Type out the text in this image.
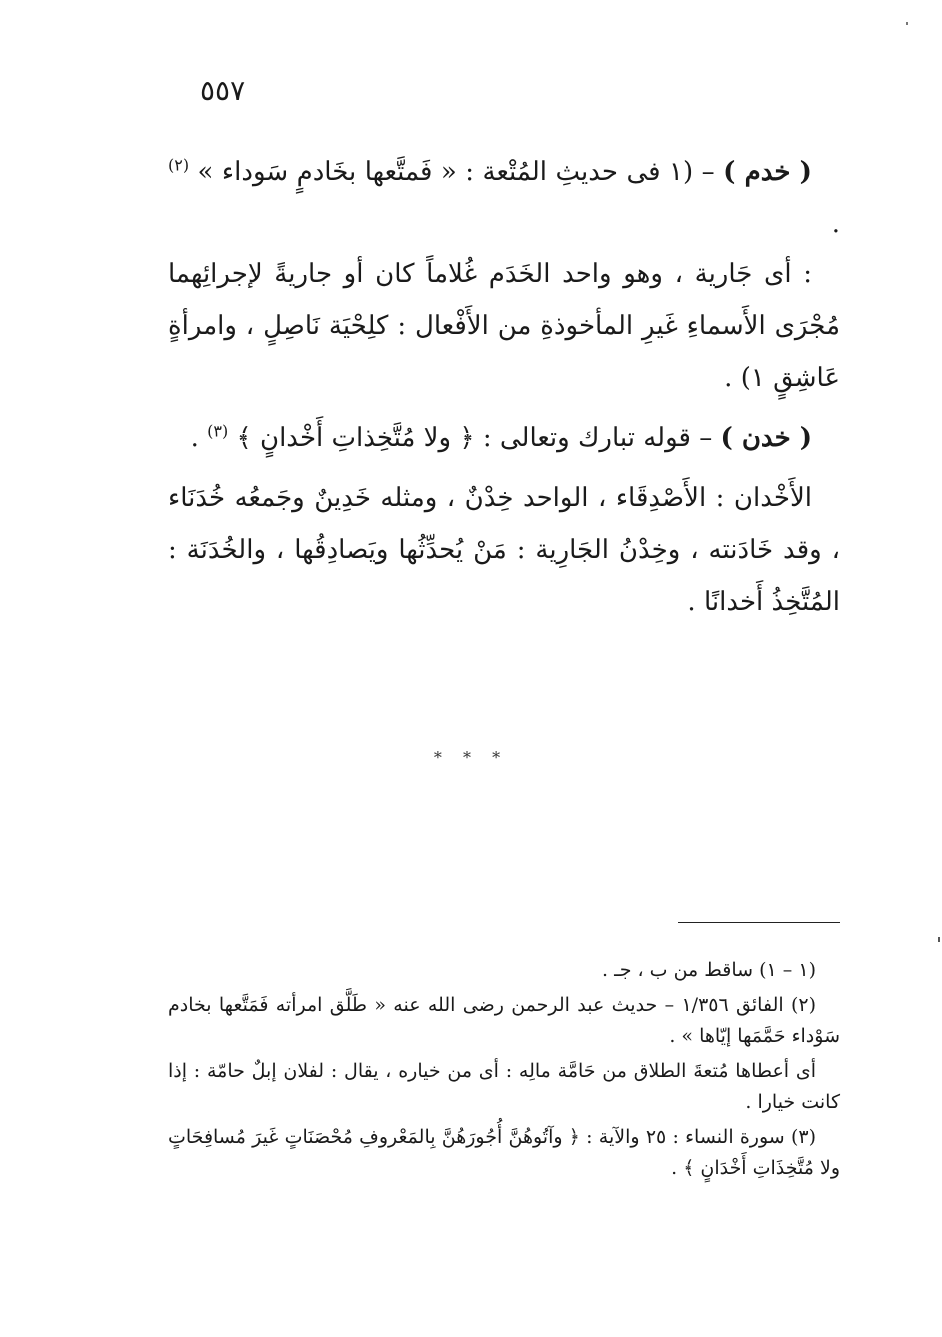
٥٥٧

( خدم ) – (١ فى حديثِ المُتْعة : « فَمتَّعها بخَادمٍ سَوداء » $^{(٢)}$ .

: أى جَارية ، وهو واحد الخَدَم غُلاماً كان أو جاريةً لإجرائِهما مُجْرَى الأَسماءِ غَيرِ المأخوذةِ من الأَفْعال : كلِحْيَة نَاصِلٍ ، وامرأةٍ عَاشِقٍ ١) .

( خدن ) – قوله تبارك وتعالى : ﴿ ولا مُتَّخِذاتِ أَخْدانٍ ﴾ $^{(٣)}$ .

الأَخْدان : الأَصْدِقَاء ، الواحد خِدْنٌ ، ومثله خَدِينٌ وجَمعُه خُدَنَاء ، وقد خَادَنته ، وخِدْنُ الجَارِية : مَنْ يُحدِّثُها ويَصادِقُها ، والخُدَنَة : المُتَّخِذُ أَخدانًا .

* * *

(١ – ١) ساقط من ب ، جـ .

(٢) الفائق ١/٣٥٦ – حديث عبد الرحمن رضى الله عنه « طَلَّق امرأته فَمَتَّعها بخادم سَوْداء حَمَّمَها إيّاها » .

أى أعطاها مُتعةَ الطلاق من حَامَّة مالِه : أى من خياره ، يقال : لفلان إبلٌ حامّة : إذا كانت خيارا .

(٣) سورة النساء : ٢٥ والآية : ﴿ وآتُوهُنَّ أُجُورَهُنَّ بِالمَعْروفِ مُحْصَنَاتٍ غَيرَ مُسافِحَاتٍ ولا مُتَّخِذَاتِ أَخْدَانٍ ﴾ .
